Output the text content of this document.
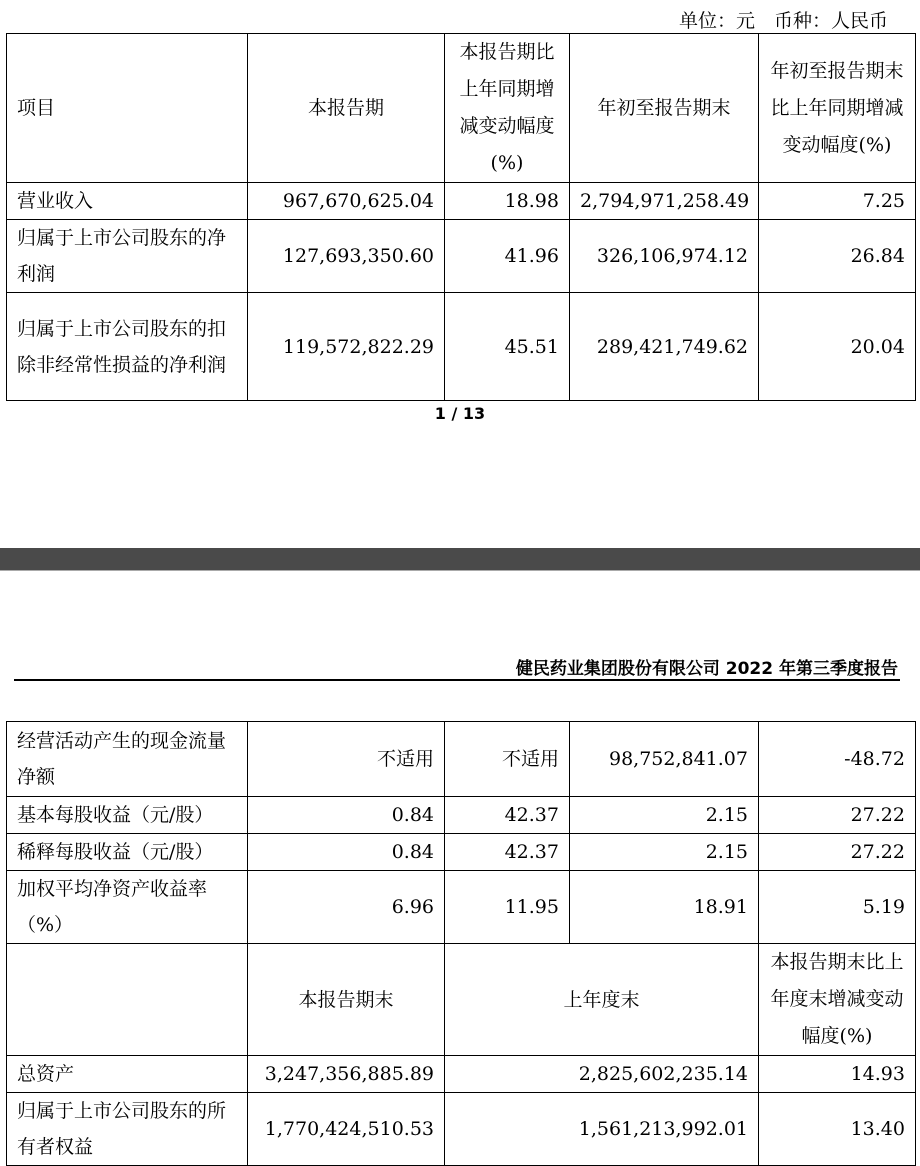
单位：元　币种：人民币
项目	本报告期	本报告期比上年同期增减变动幅度(%)	年初至报告期末	年初至报告期末比上年同期增减变动幅度(%)
营业收入	967,670,625.04	18.98	2,794,971,258.49	7.25
归属于上市公司股东的净利润	127,693,350.60	41.96	326,106,974.12	26.84
归属于上市公司股东的扣除非经常性损益的净利润	119,572,822.29	45.51	289,421,749.62	20.04
1 / 13
健民药业集团股份有限公司 2022 年第三季度报告
经营活动产生的现金流量净额	不适用	不适用	98,752,841.07	-48.72
基本每股收益（元/股）	0.84	42.37	2.15	27.22
稀释每股收益（元/股）	0.84	42.37	2.15	27.22
加权平均净资产收益率（%）	6.96	11.95	18.91	5.19
	本报告期末	上年度末		本报告期末比上年度末增减变动幅度(%)
总资产	3,247,356,885.89	2,825,602,235.14		14.93
归属于上市公司股东的所有者权益	1,770,424,510.53	1,561,213,992.01		13.40
